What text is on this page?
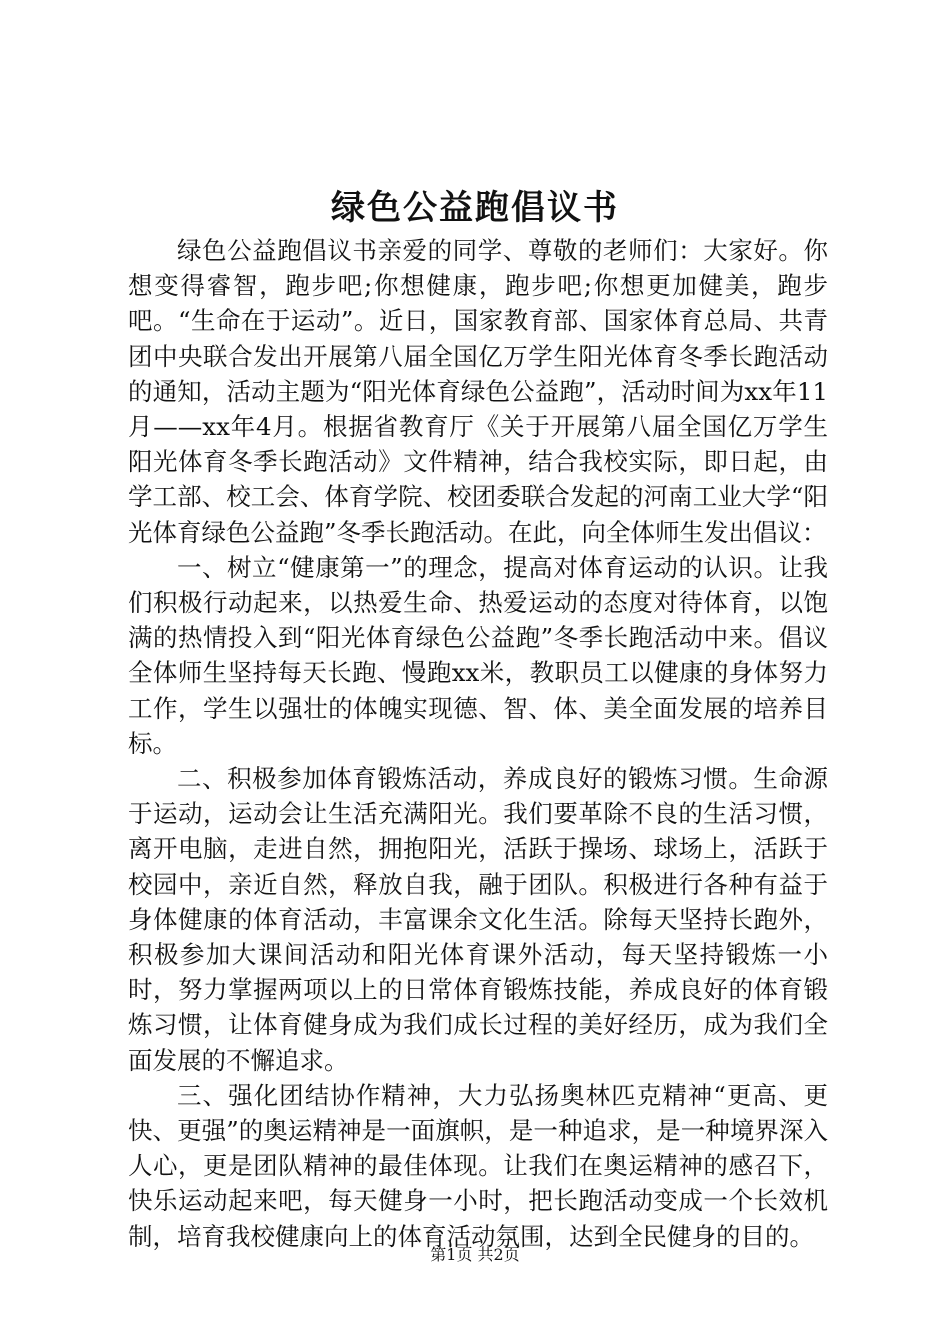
绿色公益跑倡议书

绿色公益跑倡议书亲爱的同学、尊敬的老师们：大家好。你想变得睿智，跑步吧;你想健康，跑步吧;你想更加健美，跑步吧。“生命在于运动”。近日，国家教育部、国家体育总局、共青团中央联合发出开展第八届全国亿万学生阳光体育冬季长跑活动的通知，活动主题为“阳光体育绿色公益跑”，活动时间为xx年11月——xx年4月。根据省教育厅《关于开展第八届全国亿万学生阳光体育冬季长跑活动》文件精神，结合我校实际，即日起，由学工部、校工会、体育学院、校团委联合发起的河南工业大学“阳光体育绿色公益跑”冬季长跑活动。在此，向全体师生发出倡议：

一、树立“健康第一”的理念，提高对体育运动的认识。让我们积极行动起来，以热爱生命、热爱运动的态度对待体育，以饱满的热情投入到“阳光体育绿色公益跑”冬季长跑活动中来。倡议全体师生坚持每天长跑、慢跑xx米，教职员工以健康的身体努力工作，学生以强壮的体魄实现德、智、体、美全面发展的培养目标。

二、积极参加体育锻炼活动，养成良好的锻炼习惯。生命源于运动，运动会让生活充满阳光。我们要革除不良的生活习惯，离开电脑，走进自然，拥抱阳光，活跃于操场、球场上，活跃于校园中，亲近自然，释放自我，融于团队。积极进行各种有益于身体健康的体育活动，丰富课余文化生活。除每天坚持长跑外，积极参加大课间活动和阳光体育课外活动，每天坚持锻炼一小时，努力掌握两项以上的日常体育锻炼技能，养成良好的体育锻炼习惯，让体育健身成为我们成长过程的美好经历，成为我们全面发展的不懈追求。

三、强化团结协作精神，大力弘扬奥林匹克精神“更高、更快、更强”的奥运精神是一面旗帜，是一种追求，是一种境界深入人心，更是团队精神的最佳体现。让我们在奥运精神的感召下，快乐运动起来吧，每天健身一小时，把长跑活动变成一个长效机制，培育我校健康向上的体育活动氛围，达到全民健身的目的。

第1页 共2页
